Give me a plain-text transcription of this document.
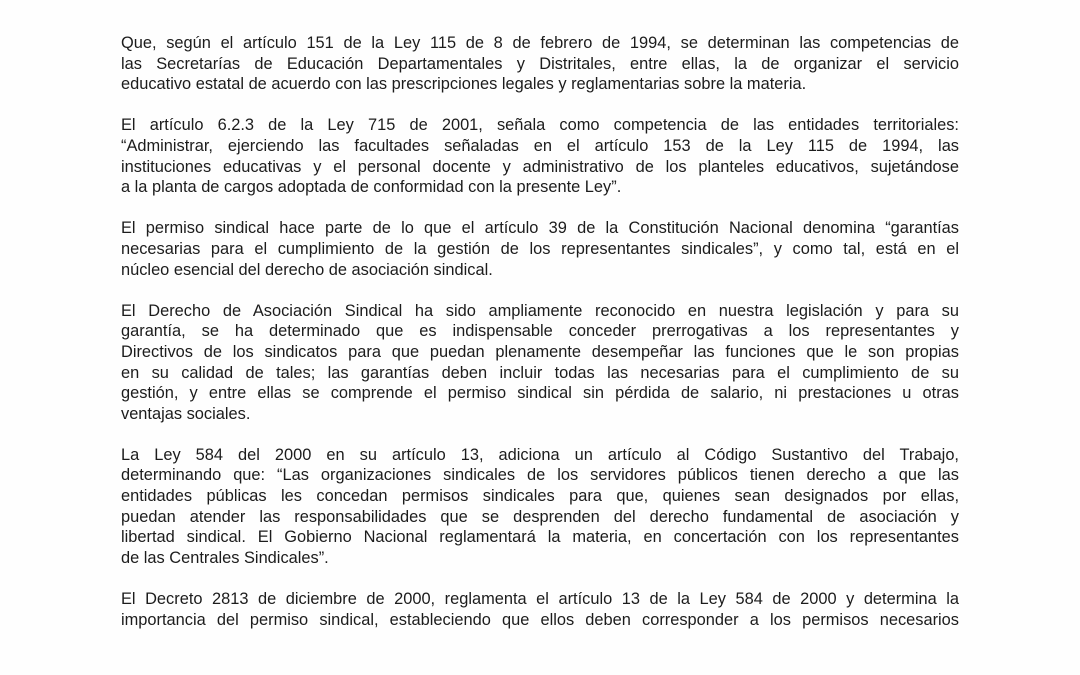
Que, según el artículo 151 de la Ley 115 de 8 de febrero de 1994, se determinan las competencias de
las Secretarías de Educación Departamentales y Distritales, entre ellas, la de organizar el servicio
educativo estatal de acuerdo con las prescripciones legales y reglamentarias sobre la materia.
El artículo 6.2.3 de la Ley 715 de 2001, señala como competencia de las entidades territoriales:
“Administrar, ejerciendo las facultades señaladas en el artículo 153 de la Ley 115 de 1994, las
instituciones educativas y el personal docente y administrativo de los planteles educativos, sujetándose
a la planta de cargos adoptada de conformidad con la presente Ley”.
El permiso sindical hace parte de lo que el artículo 39 de la Constitución Nacional denomina “garantías
necesarias para el cumplimiento de la gestión de los representantes sindicales”, y como tal, está en el
núcleo esencial del derecho de asociación sindical.
El Derecho de Asociación Sindical ha sido ampliamente reconocido en nuestra legislación y para su
garantía, se ha determinado que es indispensable conceder prerrogativas a los representantes y
Directivos de los sindicatos para que puedan plenamente desempeñar las funciones que le son propias
en su calidad de tales; las garantías deben incluir todas las necesarias para el cumplimiento de su
gestión, y entre ellas se comprende el permiso sindical sin pérdida de salario, ni prestaciones u otras
ventajas sociales.
La Ley 584 del 2000 en su artículo 13, adiciona un artículo al Código Sustantivo del Trabajo,
determinando que: “Las organizaciones sindicales de los servidores públicos tienen derecho a que las
entidades públicas les concedan permisos sindicales para que, quienes sean designados por ellas,
puedan atender las responsabilidades que se desprenden del derecho fundamental de asociación y
libertad sindical. El Gobierno Nacional reglamentará la materia, en concertación con los representantes
de las Centrales Sindicales”.
El Decreto 2813 de diciembre de 2000, reglamenta el artículo 13 de la Ley 584 de 2000 y determina la
importancia del permiso sindical, estableciendo que ellos deben corresponder a los permisos necesarios
